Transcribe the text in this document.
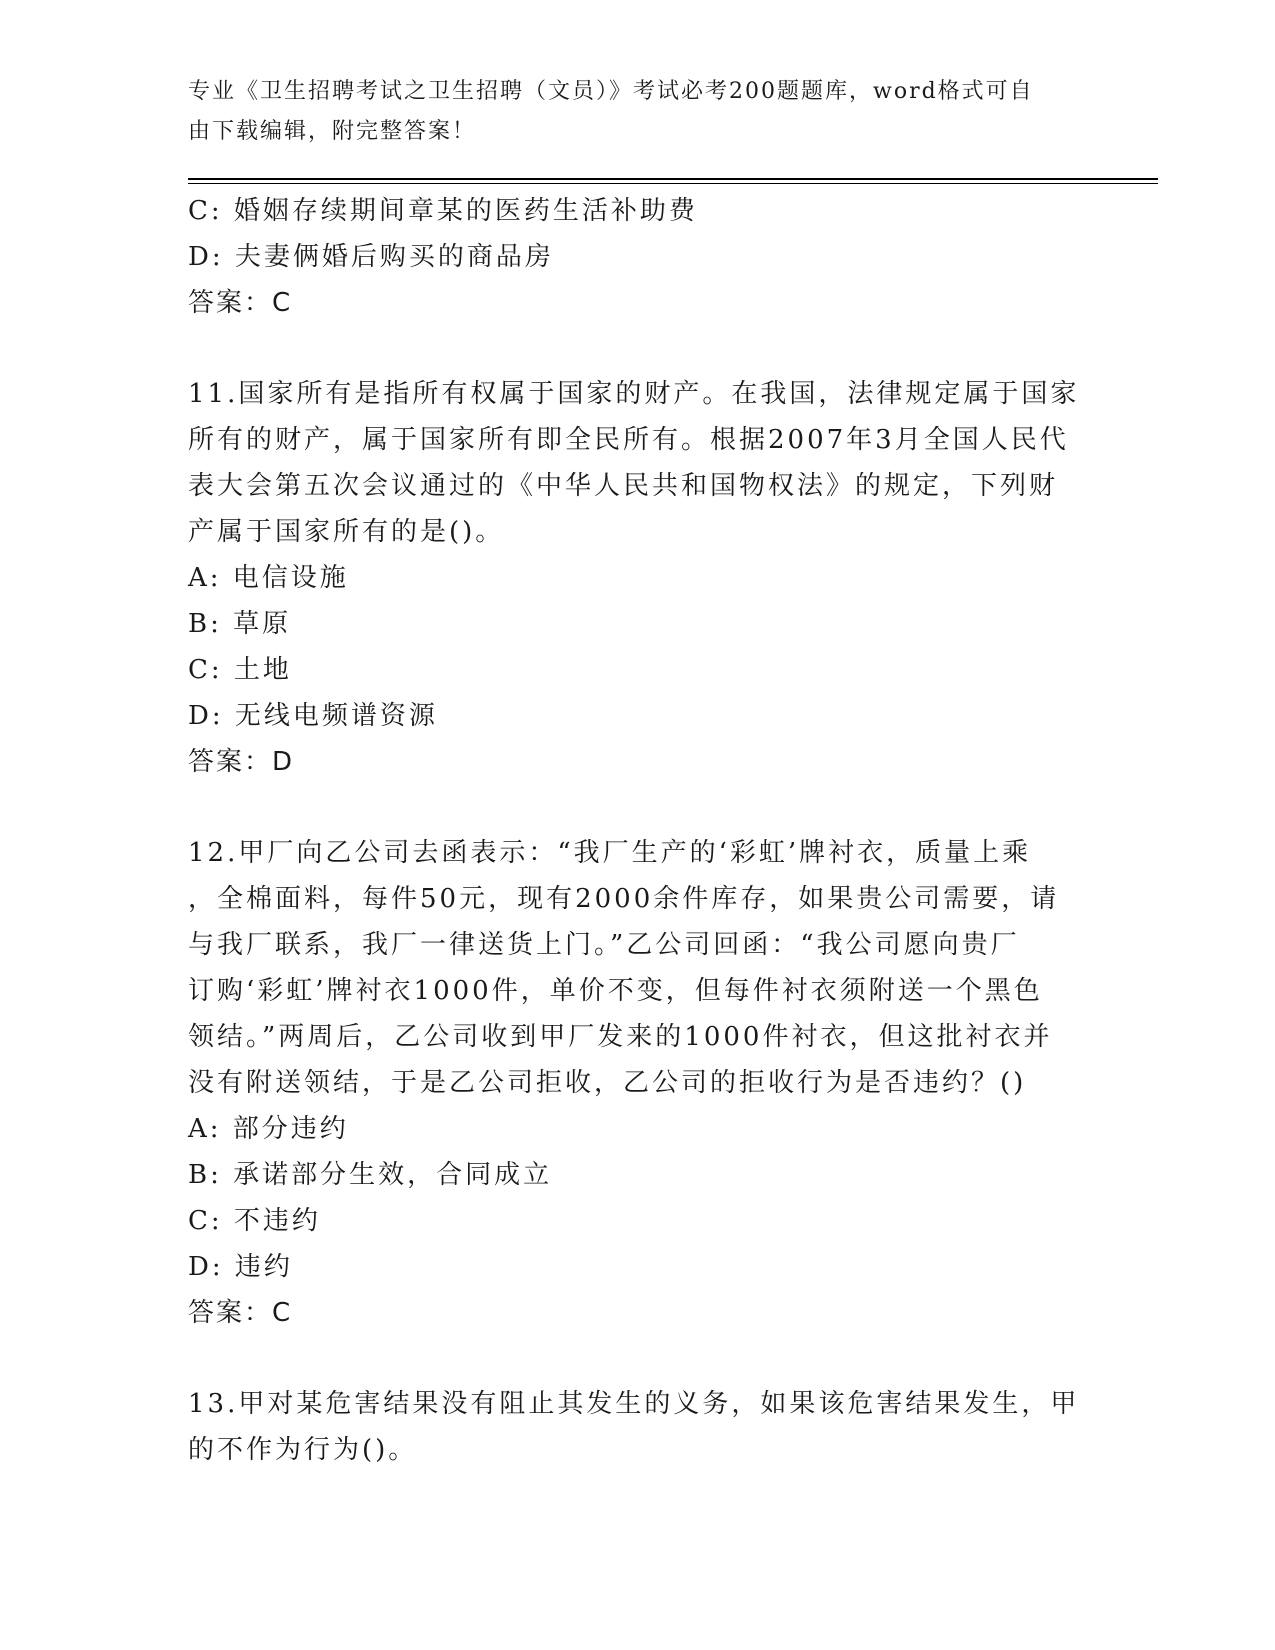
专业《卫生招聘考试之卫生招聘（文员）》考试必考200题题库，word格式可自
由下载编辑，附完整答案！
C: 婚姻存续期间章某的医药生活补助费
D: 夫妻俩婚后购买的商品房
答案：C
11.国家所有是指所有权属于国家的财产。在我国，法律规定属于国家
所有的财产，属于国家所有即全民所有。根据2007年3月全国人民代
表大会第五次会议通过的《中华人民共和国物权法》的规定，下列财
产属于国家所有的是()。
A: 电信设施
B: 草原
C: 土地
D: 无线电频谱资源
答案：D
12.甲厂向乙公司去函表示：“我厂生产的‘彩虹’牌衬衣，质量上乘
，全棉面料，每件50元，现有2000余件库存，如果贵公司需要，请
与我厂联系，我厂一律送货上门。”乙公司回函：“我公司愿向贵厂
订购‘彩虹’牌衬衣1000件，单价不变，但每件衬衣须附送一个黑色
领结。”两周后，乙公司收到甲厂发来的1000件衬衣，但这批衬衣并
没有附送领结，于是乙公司拒收，乙公司的拒收行为是否违约？()
A: 部分违约
B: 承诺部分生效，合同成立
C: 不违约
D: 违约
答案：C
13.甲对某危害结果没有阻止其发生的义务，如果该危害结果发生，甲
的不作为行为()。
